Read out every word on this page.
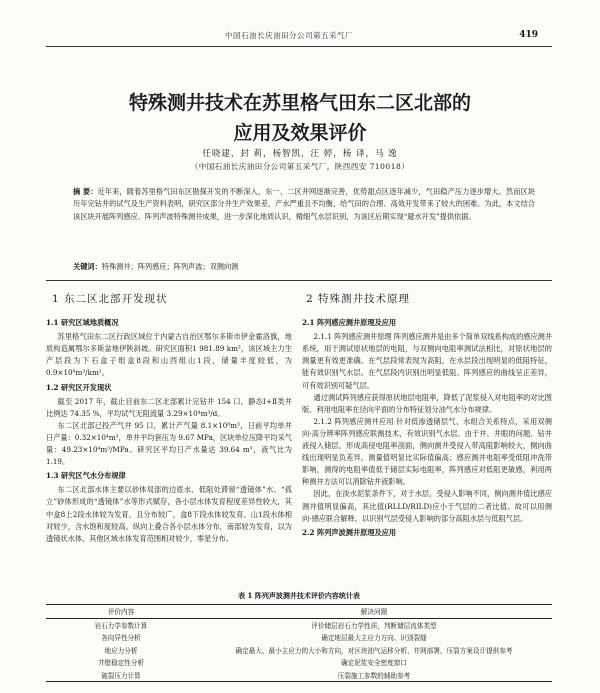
中国石油长庆油田分公司第五采气厂	419
特殊测井技术在苏里格气田东二区北部的
应用及效果评价
任晓建，封 莉，杨智凯，汪 婷，杨 译，马 逸
（中国石油长庆油田分公司第五采气厂，陕西西安 710018）
摘 要：近年来，随着苏里格气田东区勘探开发的不断深入，东一、二区井网逐渐完善，优势甜点区逐年减少，气田稳产压力逐步增大。然而区块历年完钻井的试气及生产资料表明，研究区部分井生产效果差，产水严重且不均衡，给气田的合理、高效开发带来了较大的困难。为此，本文结合该区块开展阵列感应、阵列声波特殊测井成果，进一步深化地质认识，精细气水层识别，为该区后期实现“避水开发”提供依据。
关键词：特殊测井；阵列感应；阵列声波；双侧向测
1 东二区北部开发现状
1.1 研究区域地质概况

苏里格气田东二区行政区域位于内蒙古自治区鄂尔多斯市伊金霍洛旗，地质构造属鄂尔多斯盆地伊陕斜坡。研究区面积1 981.89 km²，该区域主力生产层段为下石盒子组盒8段和山西组山1段，储量丰度较低，为0.9×10⁸m³/km²。

1.2 研究区开发现状

截至 2017 年，截止目前东二区北部累计完钻井 154 口，静态Ⅰ+Ⅱ类井比例达 74.35 %，平均试气无阻流量 3.29×10⁴m³/d。

东二区北部已投产气井 95 口，累计产气量 8.1×10⁸m³，日前平均单井日产量：0.32×10⁴m³，单井平均套压为 9.67 MPa，区块单位压降平均采气量：49.23×10⁴m³/MPa。研究区平均日产水量达 39.64 m³，液气比为 1.19。

1.3 研究区气水分布规律

东二区北部水体主要以砂体局部的边底水、低阻处滞留“透镜体”水、“孤立”砂体形成的“透镜体”水等形式赋存，各小层水体发育程度差异性较大，其中盒8上2段水体较为发育，且分布较广，盒8下段水体较发育。山1段水体相对较少，含水饱和度较高。纵向上叠合各小层水体分布，南部较为发育，以为透镜状水体，其他区域水体发育范围相对较少，零星分布。

2 特殊测井技术原理
2.1 阵列感应测井原理及应用

2.1.1 阵列感应测井原理 阵列感应测井是由多个简单双线系构成的感应测井系统，用于测试原状地层的电阻，与双侧向电阻率测试法相比，对原状地层的测量更有效更准确。在气层段常表现为高阻，在水层段出现明显的低阻特征，能有效识别气水层。在气层段内识别出明显低阻、阵列感应的曲线呈正差异，可有效识别可疑气层。

通过测试阵列感应获得原状地层电阻率，降低了泥浆侵入对电阻率的对比图版、利用电阻率在径向平面的分布特征划分油气水分布规律。

2.1.2 阵列感应测井应用 针对低渗透储层气、水组合关系特点，采用双侧向-高分辨率阵列感应联测技术，有效识别气水层。由于井、井眼的问题、钻井液侵入储层，形成高侵电阻率剖面，侧向测井受侵入带高阻影响较大，侧向曲线出现明显负差异，测量值明显比实际值偏高；感应测井电阻率受低阻冲洗带影响，测得的电阻率值低于储层实际电阻率，阵列感应对低阻更敏感，利用两种测井方法可以消除钻井液影响。

因此，在淡水泥浆条件下，对于水层，受侵入影响不同，侧向测井值比感应测井值明显偏高，其比值(RLLD/RILD)应小于气层的二者比值。故可以用侧向-感应联合解释，以识别气层受侵入影响的部分高阻水层与低阻气层。

2.2 阵列声波测井原理及应用
表 1 阵列声波测井技术评价内容统计表
评价内容	解决问题
岩石力学参数计算	评价储层岩石力学性质，判断储层流体类型
各向异性分析	确定地层最大主应力方向、识别裂缝
地应力分析	确定最大、最小主应力的大小和方向，对区块油气运移分析、井网部署、压裂方案设计提供参考
井壁稳定性分析	确定泥浆安全密度窗口
破裂压力计算	压裂施工参数的辅助参考
